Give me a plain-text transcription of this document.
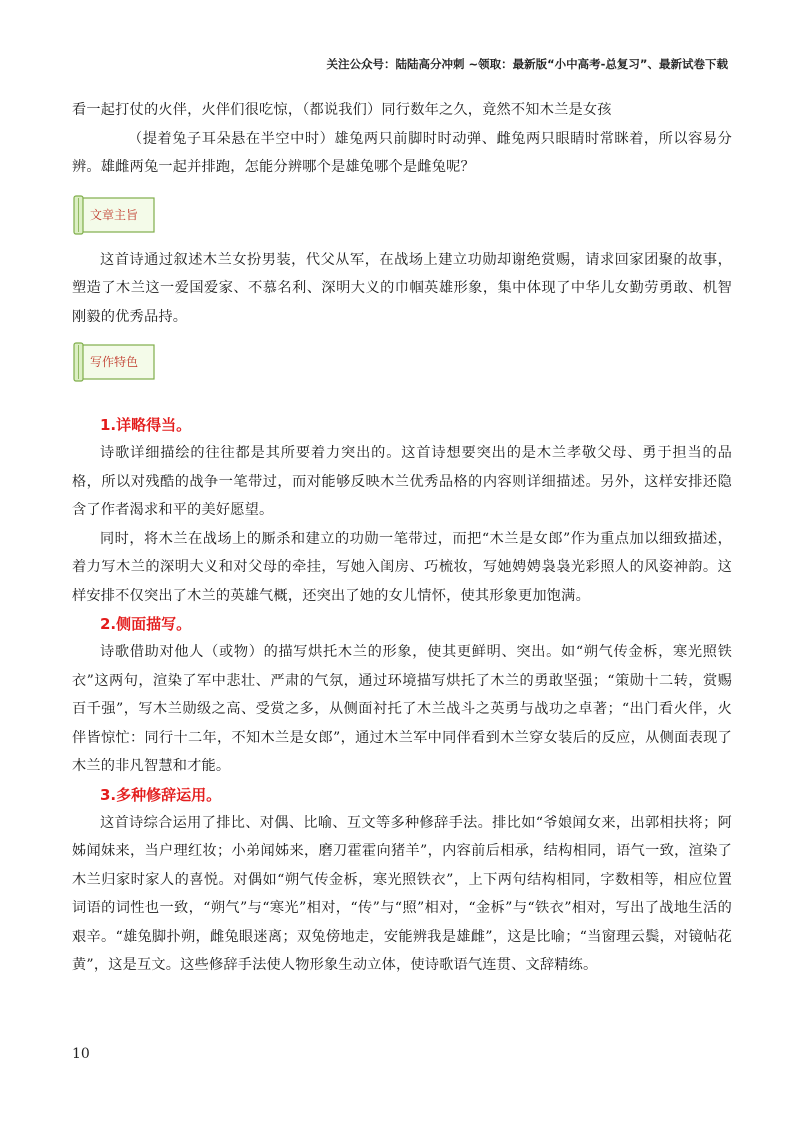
关注公众号：陆陆高分冲刺 ~领取：最新版“小中高考-总复习”、最新试卷下载

看一起打仗的火伴，火伴们很吃惊，（都说我们）同行数年之久，竟然不知木兰是女孩

（提着兔子耳朵悬在半空中时）雄兔两只前脚时时动弹、雌兔两只眼睛时常眯着，所以容易分辨。雄雌两兔一起并排跑，怎能分辨哪个是雄兔哪个是雌兔呢？

文章主旨

这首诗通过叙述木兰女扮男装，代父从军，在战场上建立功勋却谢绝赏赐，请求回家团聚的故事，塑造了木兰这一爱国爱家、不慕名利、深明大义的巾帼英雄形象，集中体现了中华儿女勤劳勇敢、机智刚毅的优秀品持。

写作特色
1.详略得当。

诗歌详细描绘的往往都是其所要着力突出的。这首诗想要突出的是木兰孝敬父母、勇于担当的品格，所以对残酷的战争一笔带过，而对能够反映木兰优秀品格的内容则详细描述。另外，这样安排还隐含了作者渴求和平的美好愿望。

同时，将木兰在战场上的厮杀和建立的功勋一笔带过，而把“木兰是女郎”作为重点加以细致描述，着力写木兰的深明大义和对父母的牵挂，写她入闺房、巧梳妆，写她娉娉袅袅光彩照人的风姿神韵。这样安排不仅突出了木兰的英雄气概，还突出了她的女儿情怀，使其形象更加饱满。

2.侧面描写。

诗歌借助对他人（或物）的描写烘托木兰的形象，使其更鲜明、突出。如“朔气传金柝，寒光照铁衣”这两句，渲染了军中悲壮、严肃的气氛，通过环境描写烘托了木兰的勇敢坚强；“策勋十二转，赏赐百千强”，写木兰勋级之高、受赏之多，从侧面衬托了木兰战斗之英勇与战功之卓著；“出门看火伴，火伴皆惊忙：同行十二年，不知木兰是女郎”，通过木兰军中同伴看到木兰穿女装后的反应，从侧面表现了木兰的非凡智慧和才能。

3.多种修辞运用。

这首诗综合运用了排比、对偶、比喻、互文等多种修辞手法。排比如“爷娘闻女来，出郭相扶将；阿姊闻妹来，当户理红妆；小弟闻姊来，磨刀霍霍向猪羊”，内容前后相承，结构相同，语气一致，渲染了木兰归家时家人的喜悦。对偶如“朔气传金柝，寒光照铁衣”，上下两句结构相同，字数相等，相应位置词语的词性也一致，“朔气”与“寒光”相对，“传”与“照”相对，“金柝”与“铁衣”相对，写出了战地生活的艰辛。“雄兔脚扑朔，雌兔眼迷离；双兔傍地走，安能辨我是雄雌”，这是比喻；“当窗理云鬓，对镜帖花黄”，这是互文。这些修辞手法使人物形象生动立体，使诗歌语气连贯、文辞精练。

10
